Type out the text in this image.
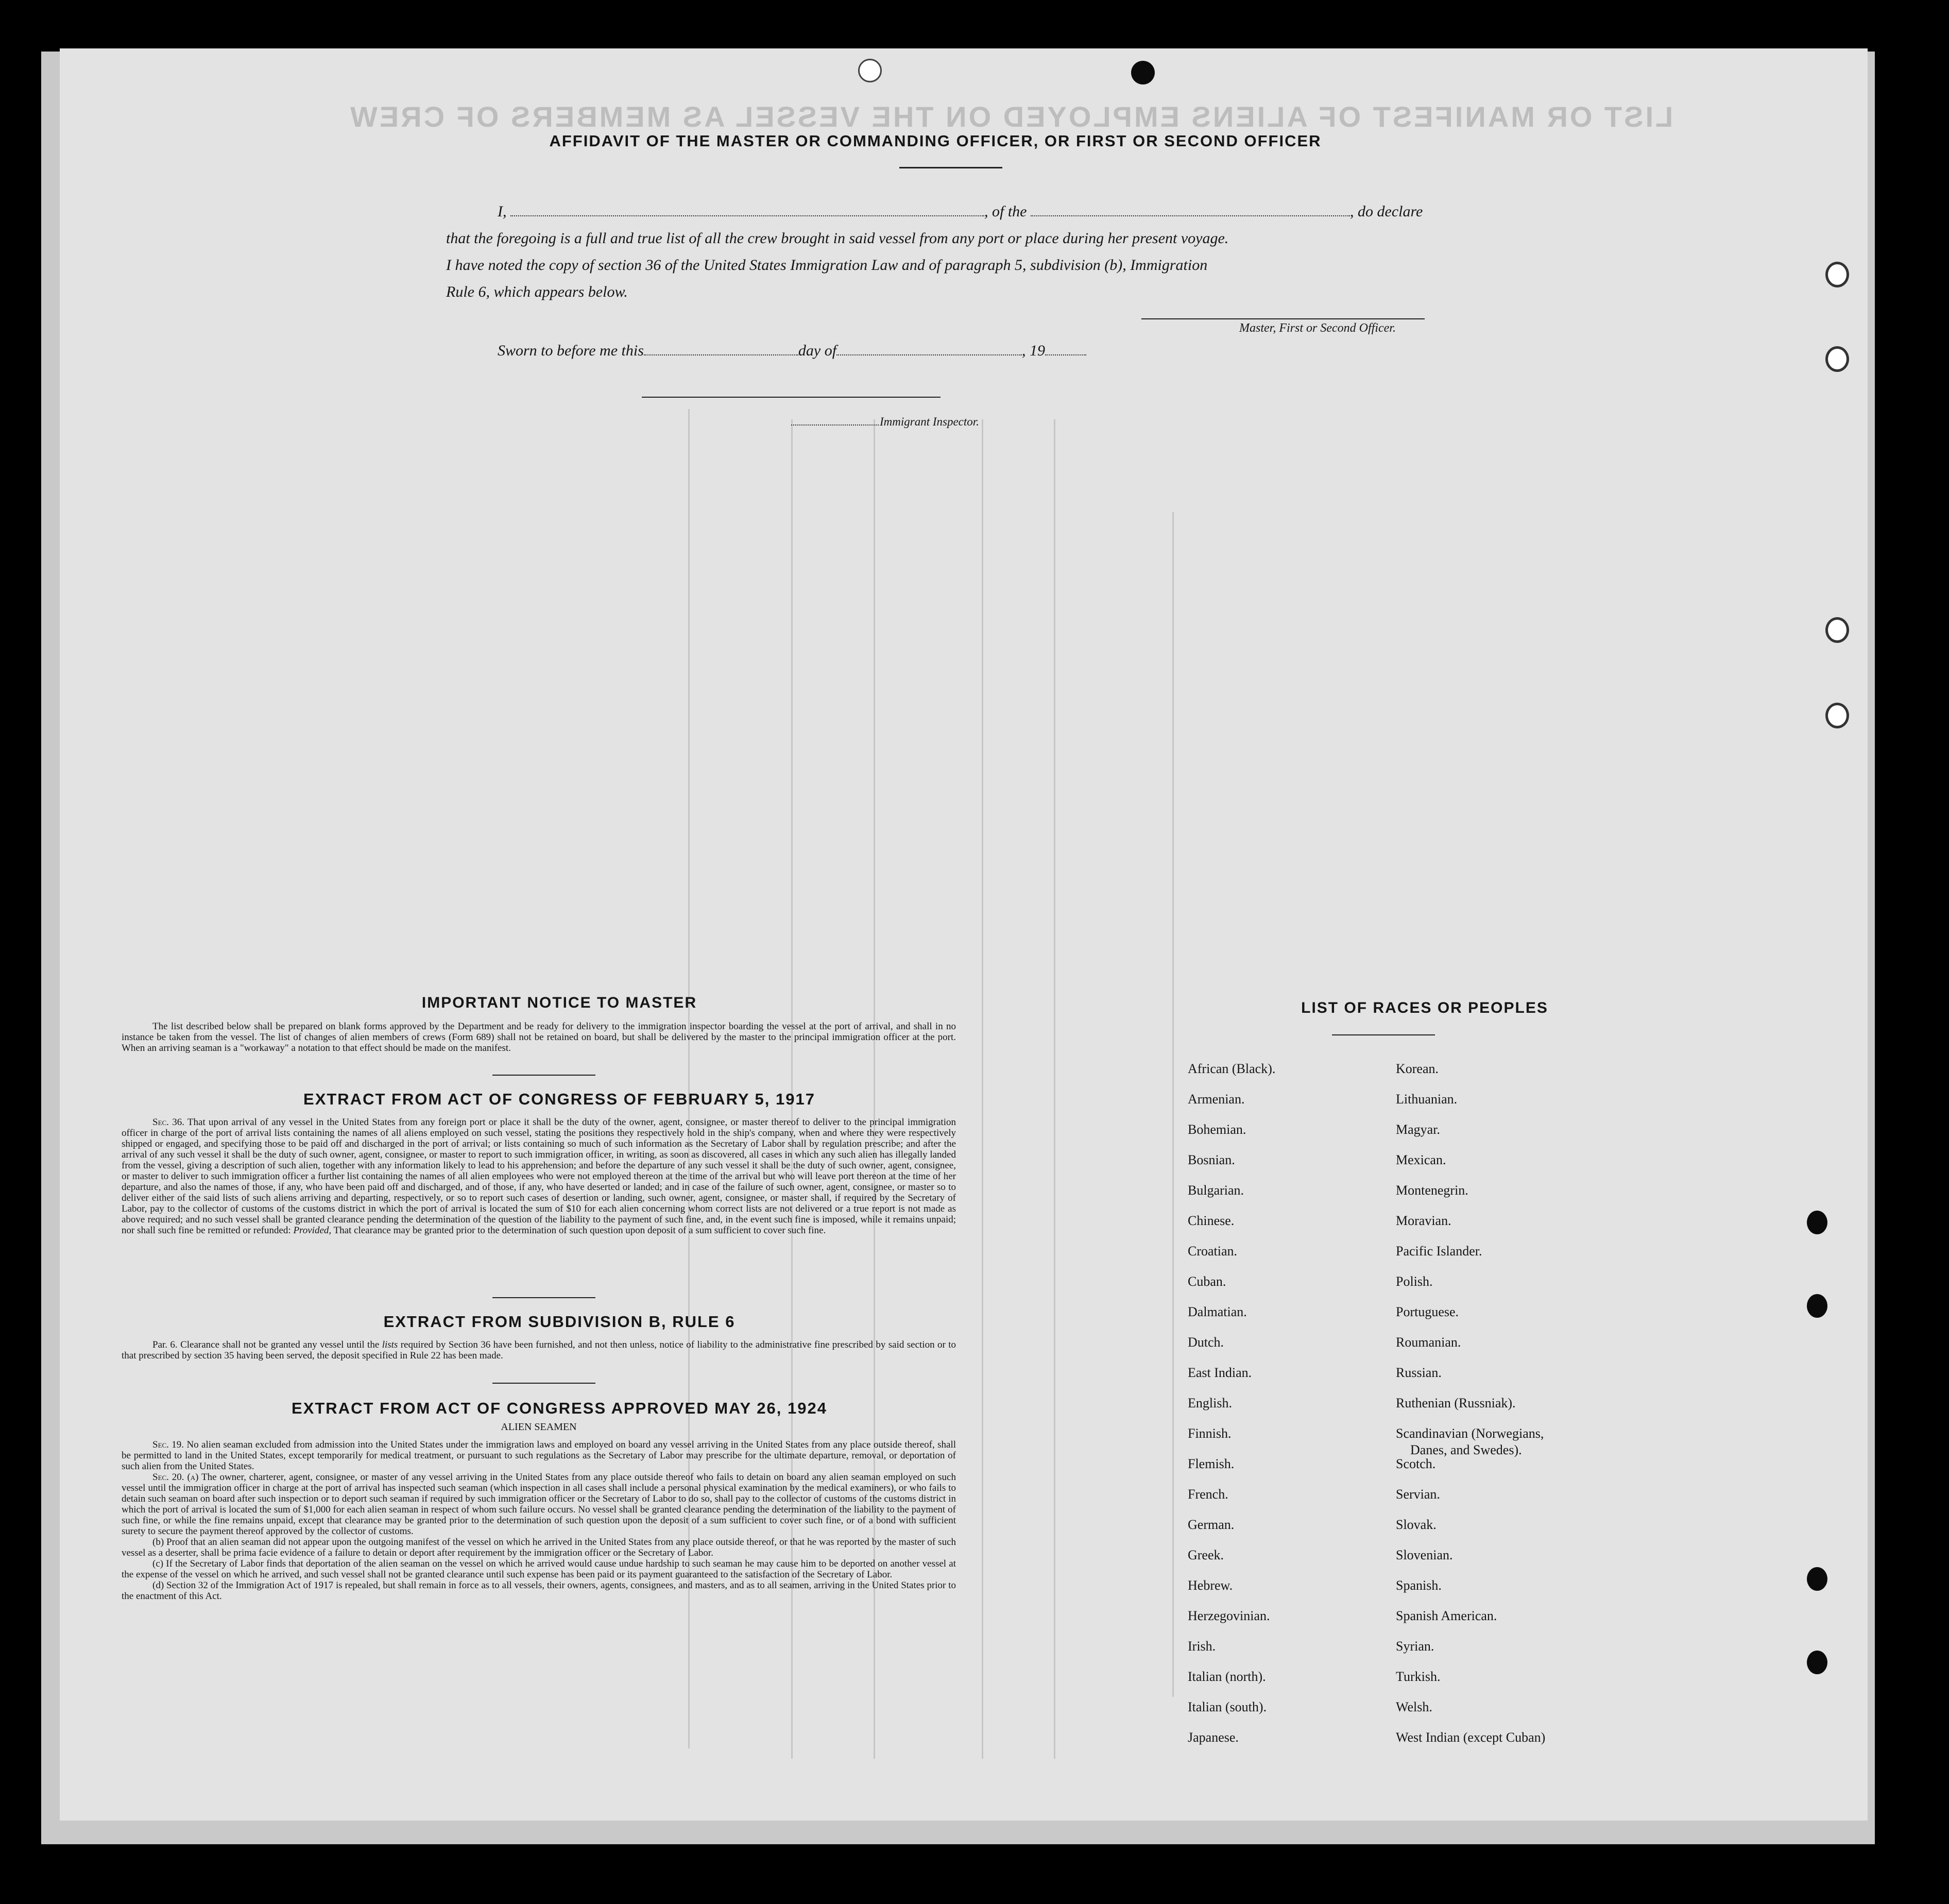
LIST OR MANIFEST OF ALIENS EMPLOYED ON THE VESSEL AS MEMBERS OF CREW
AFFIDAVIT OF THE MASTER OR COMMANDING OFFICER, OR FIRST OR SECOND OFFICER
I,	, of the	, do declare
that the foregoing is a full and true list of all the crew brought in said vessel from any port or place during her present voyage.
I have noted the copy of section 36 of the United States Immigration Law and of paragraph 5, subdivision (b), Immigration
Rule 6, which appears below.
Master, First or Second Officer.
Sworn to before me this	day of	, 19
Immigrant Inspector.
IMPORTANT NOTICE TO MASTER

The list described below shall be prepared on blank forms approved by the Department and be ready for delivery to the immigration inspector boarding the vessel at the port of arrival, and shall in no instance be taken from the vessel. The list of changes of alien members of crews (Form 689) shall not be retained on board, but shall be delivered by the master to the principal immigration officer at the port. When an arriving seaman is a "workaway" a notation to that effect should be made on the manifest.

EXTRACT FROM ACT OF CONGRESS OF FEBRUARY 5, 1917

Sec. 36. That upon arrival of any vessel in the United States from any foreign port or place it shall be the duty of the owner, agent, consignee, or master thereof to deliver to the principal immigration officer in charge of the port of arrival lists containing the names of all aliens employed on such vessel, stating the positions they respectively hold in the ship's company, when and where they were respectively shipped or engaged, and specifying those to be paid off and discharged in the port of arrival; or lists containing so much of such information as the Secretary of Labor shall by regulation prescribe; and after the arrival of any such vessel it shall be the duty of such owner, agent, consignee, or master to report to such immigration officer, in writing, as soon as discovered, all cases in which any such alien has illegally landed from the vessel, giving a description of such alien, together with any information likely to lead to his apprehension; and before the departure of any such vessel it shall be the duty of such owner, agent, consignee, or master to deliver to such immigration officer a further list containing the names of all alien employees who were not employed thereon at the time of the arrival but who will leave port thereon at the time of her departure, and also the names of those, if any, who have been paid off and discharged, and of those, if any, who have deserted or landed; and in case of the failure of such owner, agent, consignee, or master so to deliver either of the said lists of such aliens arriving and departing, respectively, or so to report such cases of desertion or landing, such owner, agent, consignee, or master shall, if required by the Secretary of Labor, pay to the collector of customs of the customs district in which the port of arrival is located the sum of $10 for each alien concerning whom correct lists are not delivered or a true report is not made as above required; and no such vessel shall be granted clearance pending the determination of the question of the liability to the payment of such fine, and, in the event such fine is imposed, while it remains unpaid; nor shall such fine be remitted or refunded: Provided, That clearance may be granted prior to the determination of such question upon deposit of a sum sufficient to cover such fine.

EXTRACT FROM SUBDIVISION B, RULE 6

Par. 6. Clearance shall not be granted any vessel until the lists required by Section 36 have been furnished, and not then unless, notice of liability to the administrative fine prescribed by said section or to that prescribed by section 35 having been served, the deposit specified in Rule 22 has been made.

EXTRACT FROM ACT OF CONGRESS APPROVED MAY 26, 1924
ALIEN SEAMEN

Sec. 19. No alien seaman excluded from admission into the United States under the immigration laws and employed on board any vessel arriving in the United States from any place outside thereof, shall be permitted to land in the United States, except temporarily for medical treatment, or pursuant to such regulations as the Secretary of Labor may prescribe for the ultimate departure, removal, or deportation of such alien from the United States.

Sec. 20. (a) The owner, charterer, agent, consignee, or master of any vessel arriving in the United States from any place outside thereof who fails to detain on board any alien seaman employed on such vessel until the immigration officer in charge at the port of arrival has inspected such seaman (which inspection in all cases shall include a personal physical examination by the medical examiners), or who fails to detain such seaman on board after such inspection or to deport such seaman if required by such immigration officer or the Secretary of Labor to do so, shall pay to the collector of customs of the customs district in which the port of arrival is located the sum of $1,000 for each alien seaman in respect of whom such failure occurs. No vessel shall be granted clearance pending the determination of the liability to the payment of such fine, or while the fine remains unpaid, except that clearance may be granted prior to the determination of such question upon the deposit of a sum sufficient to cover such fine, or of a bond with sufficient surety to secure the payment thereof approved by the collector of customs.

(b) Proof that an alien seaman did not appear upon the outgoing manifest of the vessel on which he arrived in the United States from any place outside thereof, or that he was reported by the master of such vessel as a deserter, shall be prima facie evidence of a failure to detain or deport after requirement by the immigration officer or the Secretary of Labor.

(c) If the Secretary of Labor finds that deportation of the alien seaman on the vessel on which he arrived would cause undue hardship to such seaman he may cause him to be deported on another vessel at the expense of the vessel on which he arrived, and such vessel shall not be granted clearance until such expense has been paid or its payment guaranteed to the satisfaction of the Secretary of Labor.

(d) Section 32 of the Immigration Act of 1917 is repealed, but shall remain in force as to all vessels, their owners, agents, consignees, and masters, and as to all seamen, arriving in the United States prior to the enactment of this Act.

LIST OF RACES OR PEOPLES
African (Black).
Armenian.
Bohemian.
Bosnian.
Bulgarian.
Chinese.
Croatian.
Cuban.
Dalmatian.
Dutch.
East Indian.
English.
Finnish.
Flemish.
French.
German.
Greek.
Hebrew.
Herzegovinian.
Irish.
Italian (north).
Italian (south).
Japanese.
Korean.
Lithuanian.
Magyar.
Mexican.
Montenegrin.
Moravian.
Pacific Islander.
Polish.
Portuguese.
Roumanian.
Russian.
Ruthenian (Russniak).
Scandinavian (Norwegians,
Danes, and Swedes).
Scotch.
Servian.
Slovak.
Slovenian.
Spanish.
Spanish American.
Syrian.
Turkish.
Welsh.
West Indian (except Cuban)
